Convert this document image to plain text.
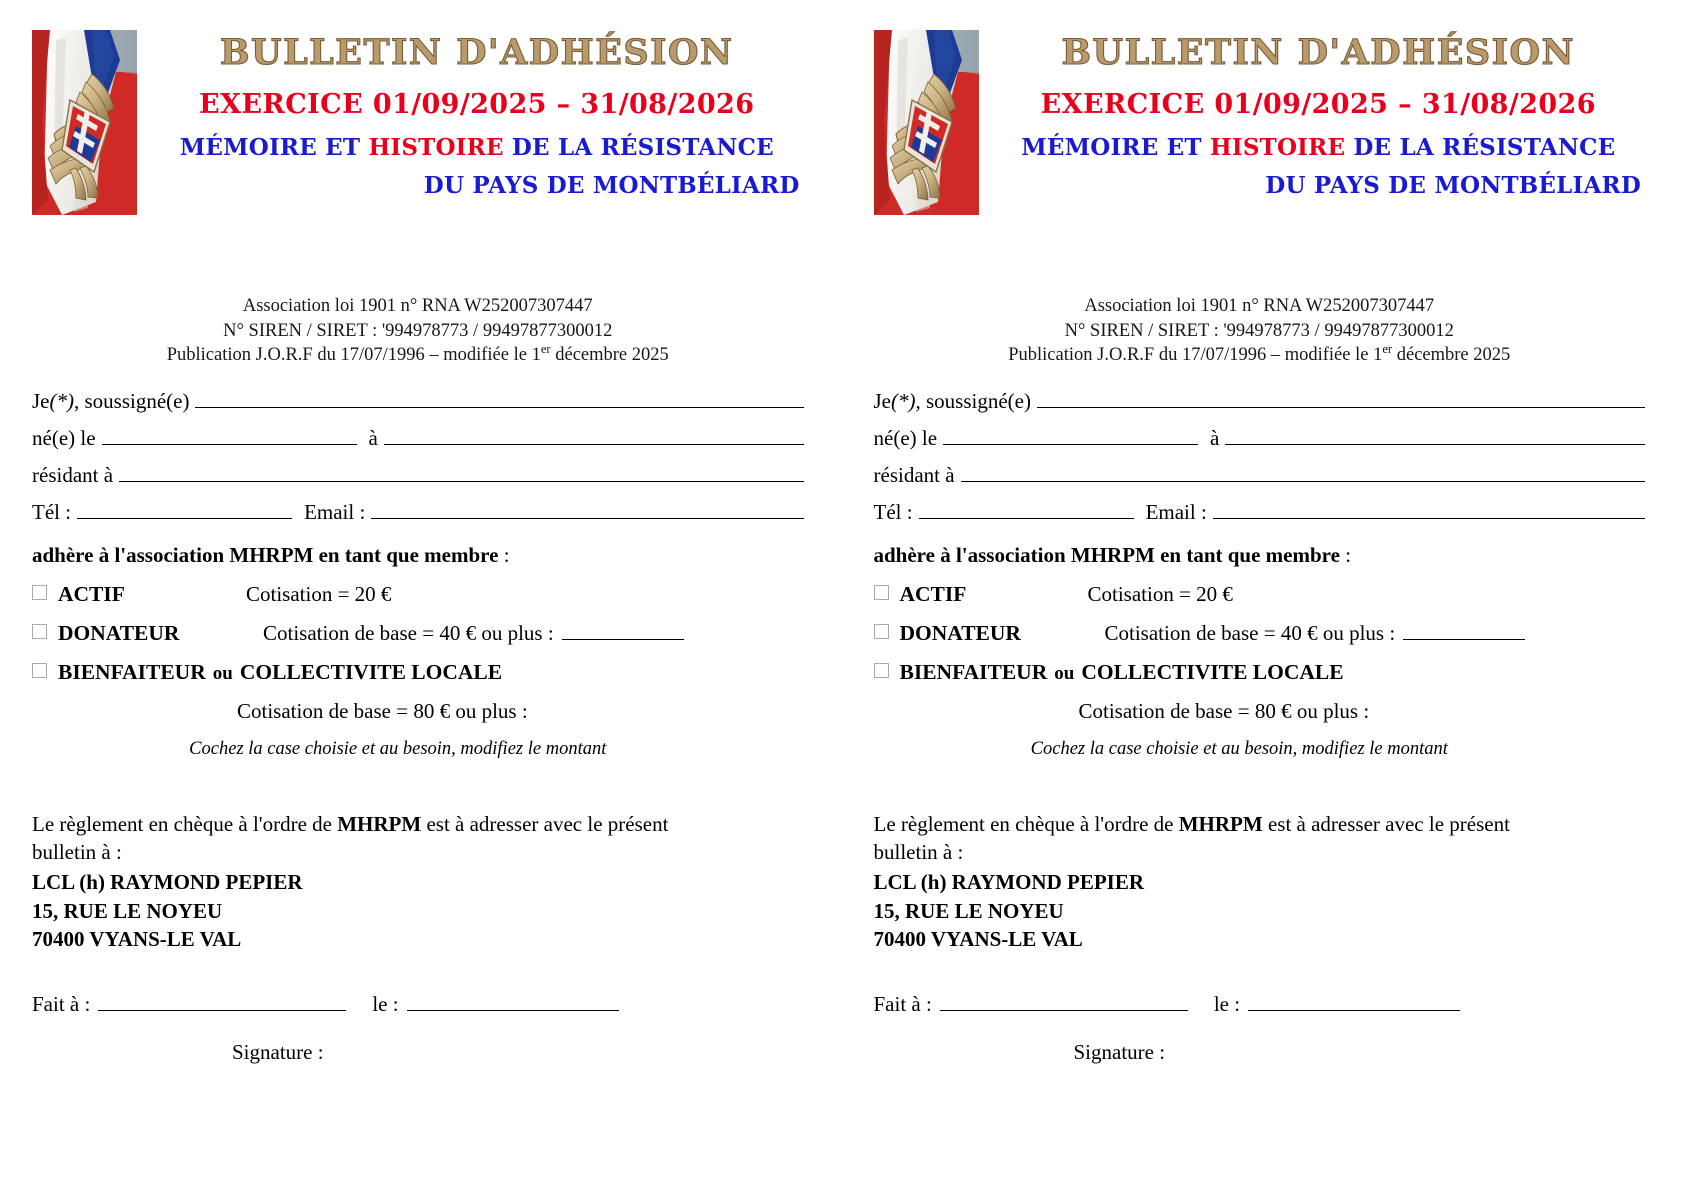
BULLETIN D'ADHÉSION
EXERCICE 01/09/2025 – 31/08/2026
MÉMOIRE ET HISTOIRE DE LA RÉSISTANCE
DU PAYS DE MONTBÉLIARD
Association loi 1901 n° RNA W252007307447
N° SIREN / SIRET : '994978773 / 99497877300012
Publication J.O.R.F du 17/07/1996 – modifiée le 1er décembre 2025
Je (*) , soussigné(e)
né(e) le	à
résidant à
Tél :	Email :
adhère à l'association MHRPM en tant que membre :
ACTIF	Cotisation = 20 €
DONATEUR	Cotisation de base = 40 € ou plus :
BIENFAITEUR ou COLLECTIVITE LOCALE
Cotisation de base = 80 € ou plus :
Cochez la case choisie et au besoin, modifiez le montant
Le règlement en chèque à l'ordre de MHRPM est à adresser avec le présent
bulletin à :
LCL (h) RAYMOND PEPIER
15, RUE LE NOYEU
70400 VYANS-LE VAL
Fait à :	le :
Signature :
BULLETIN D'ADHÉSION
EXERCICE 01/09/2025 – 31/08/2026
MÉMOIRE ET HISTOIRE DE LA RÉSISTANCE
DU PAYS DE MONTBÉLIARD
Association loi 1901 n° RNA W252007307447
N° SIREN / SIRET : '994978773 / 99497877300012
Publication J.O.R.F du 17/07/1996 – modifiée le 1er décembre 2025
Je (*) , soussigné(e)
né(e) le	à
résidant à
Tél :	Email :
adhère à l'association MHRPM en tant que membre :
ACTIF	Cotisation = 20 €
DONATEUR	Cotisation de base = 40 € ou plus :
BIENFAITEUR ou COLLECTIVITE LOCALE
Cotisation de base = 80 € ou plus :
Cochez la case choisie et au besoin, modifiez le montant
Le règlement en chèque à l'ordre de MHRPM est à adresser avec le présent
bulletin à :
LCL (h) RAYMOND PEPIER
15, RUE LE NOYEU
70400 VYANS-LE VAL
Fait à :	le :
Signature :
